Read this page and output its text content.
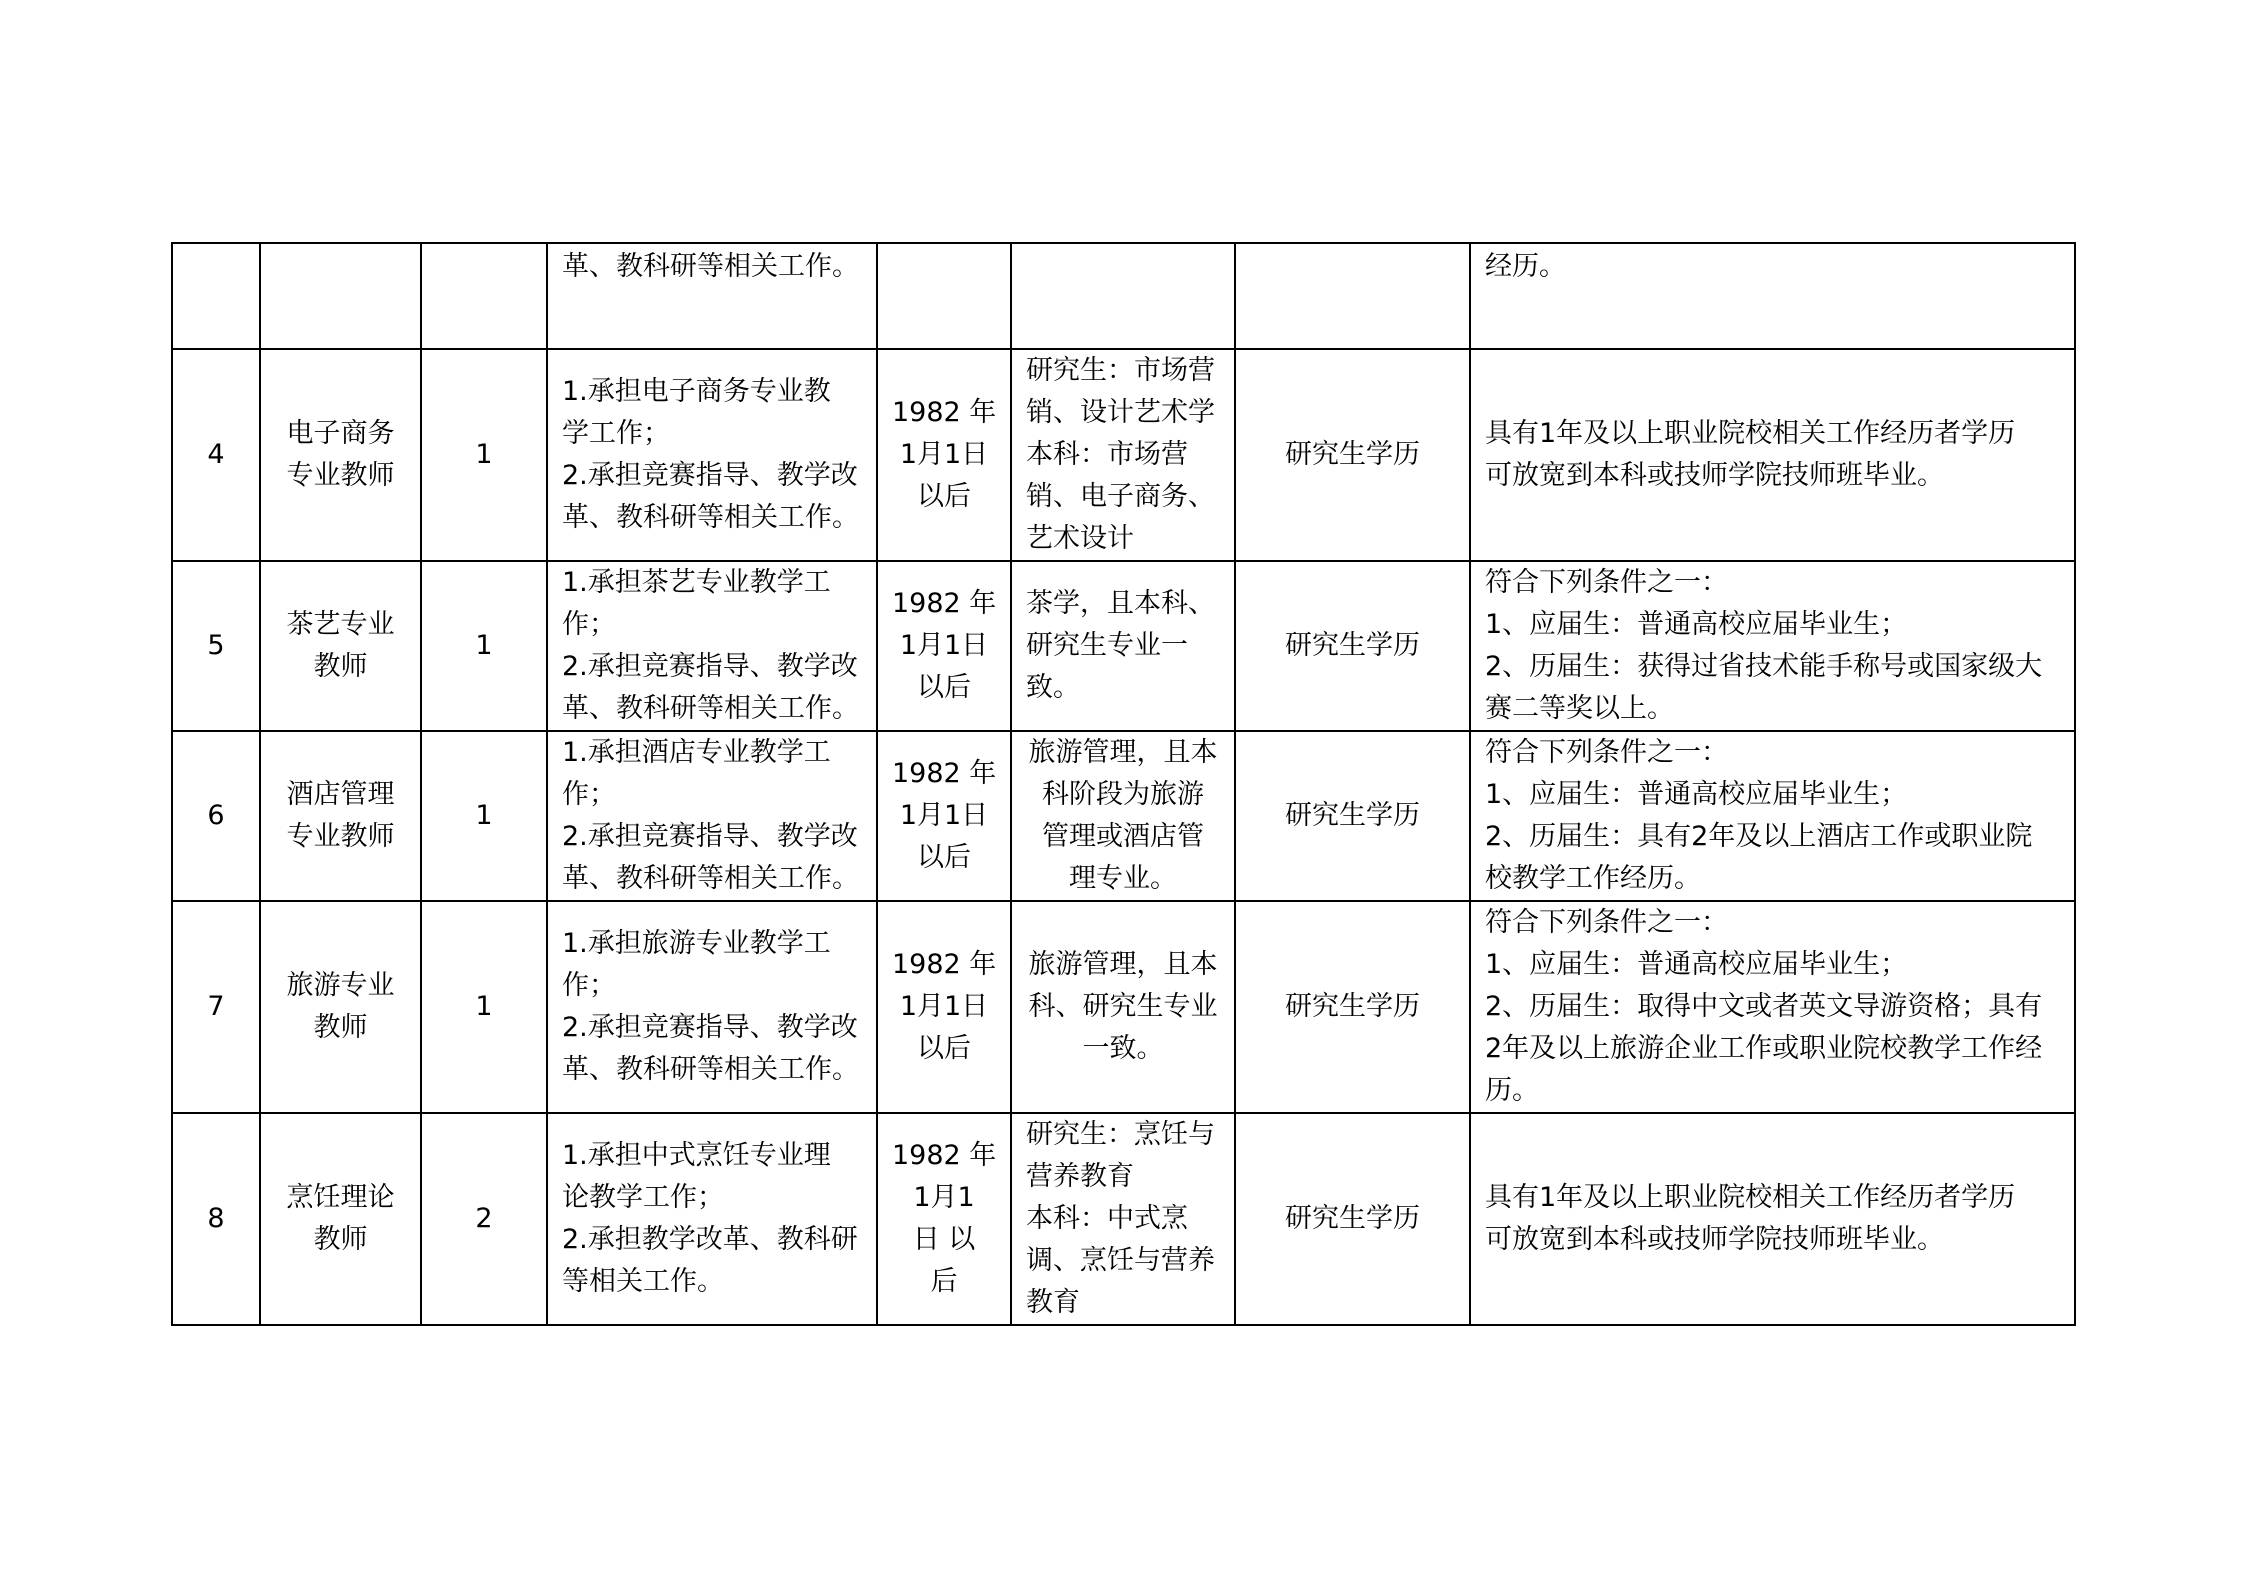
			革、教科研等相关工作。				经历。

4	电子商务
专业教师	1	1.承担电子商务专业教
学工作；
2.承担竞赛指导、教学改
革、教科研等相关工作。	1982 年
1月1日
以后	研究生：市场营
销、设计艺术学
本科：市场营
销、电子商务、
艺术设计	研究生学历	具有1年及以上职业院校相关工作经历者学历
可放宽到本科或技师学院技师班毕业。

5	茶艺专业
教师	1	1.承担茶艺专业教学工
作；
2.承担竞赛指导、教学改
革、教科研等相关工作。	1982 年
1月1日
以后	茶学，且本科、
研究生专业一
致。	研究生学历	符合下列条件之一：
1、应届生：普通高校应届毕业生；
2、历届生：获得过省技术能手称号或国家级大
赛二等奖以上。

6	酒店管理
专业教师	1	1.承担酒店专业教学工
作；
2.承担竞赛指导、教学改
革、教科研等相关工作。	1982 年
1月1日
以后	旅游管理，且本
科阶段为旅游
管理或酒店管
理专业。	研究生学历	符合下列条件之一：
1、应届生：普通高校应届毕业生；
2、历届生：具有2年及以上酒店工作或职业院
校教学工作经历。

7	旅游专业
教师	1	1.承担旅游专业教学工
作；
2.承担竞赛指导、教学改
革、教科研等相关工作。	1982 年
1月1日
以后	旅游管理，且本
科、研究生专业
一致。	研究生学历	符合下列条件之一：
1、应届生：普通高校应届毕业生；
2、历届生：取得中文或者英文导游资格；具有
2年及以上旅游企业工作或职业院校教学工作经
历。

8	烹饪理论
教师	2	1.承担中式烹饪专业理
论教学工作；
2.承担教学改革、教科研
等相关工作。	1982 年
1月1
日 以
后	研究生：烹饪与
营养教育
本科：中式烹
调、烹饪与营养
教育	研究生学历	具有1年及以上职业院校相关工作经历者学历
可放宽到本科或技师学院技师班毕业。
